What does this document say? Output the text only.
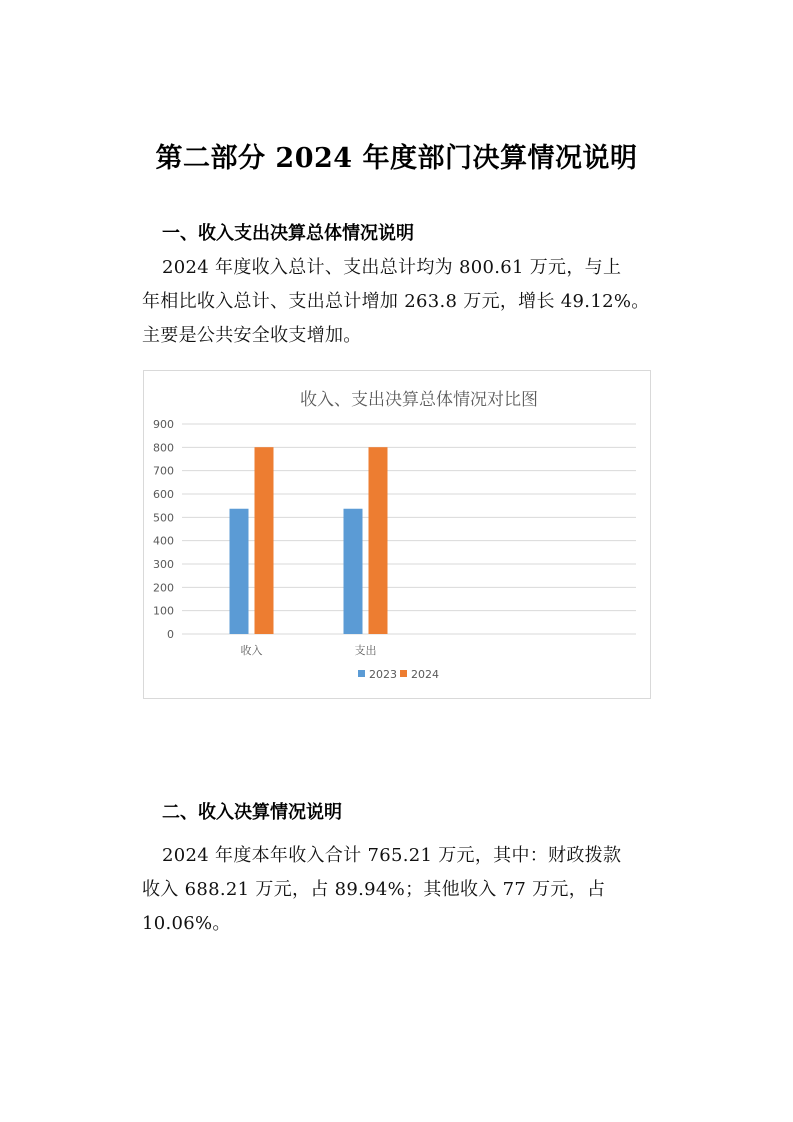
第二部分 2024 年度部门决算情况说明
一、收入支出决算总体情况说明

2024 年度收入总计、支出总计均为 800.61 万元，与上

年相比收入总计、支出总计增加 263.8 万元，增长 49.12%。

主要是公共安全收支增加。

收入、支出决算总体情况对比图
0
100
200
300
400
500
600
700
800
900
收入	支出
2023 2024
二、收入决算情况说明

2024 年度本年收入合计 765.21 万元，其中：财政拨款

收入 688.21 万元，占 89.94%；其他收入 77 万元，占 10.06%。
